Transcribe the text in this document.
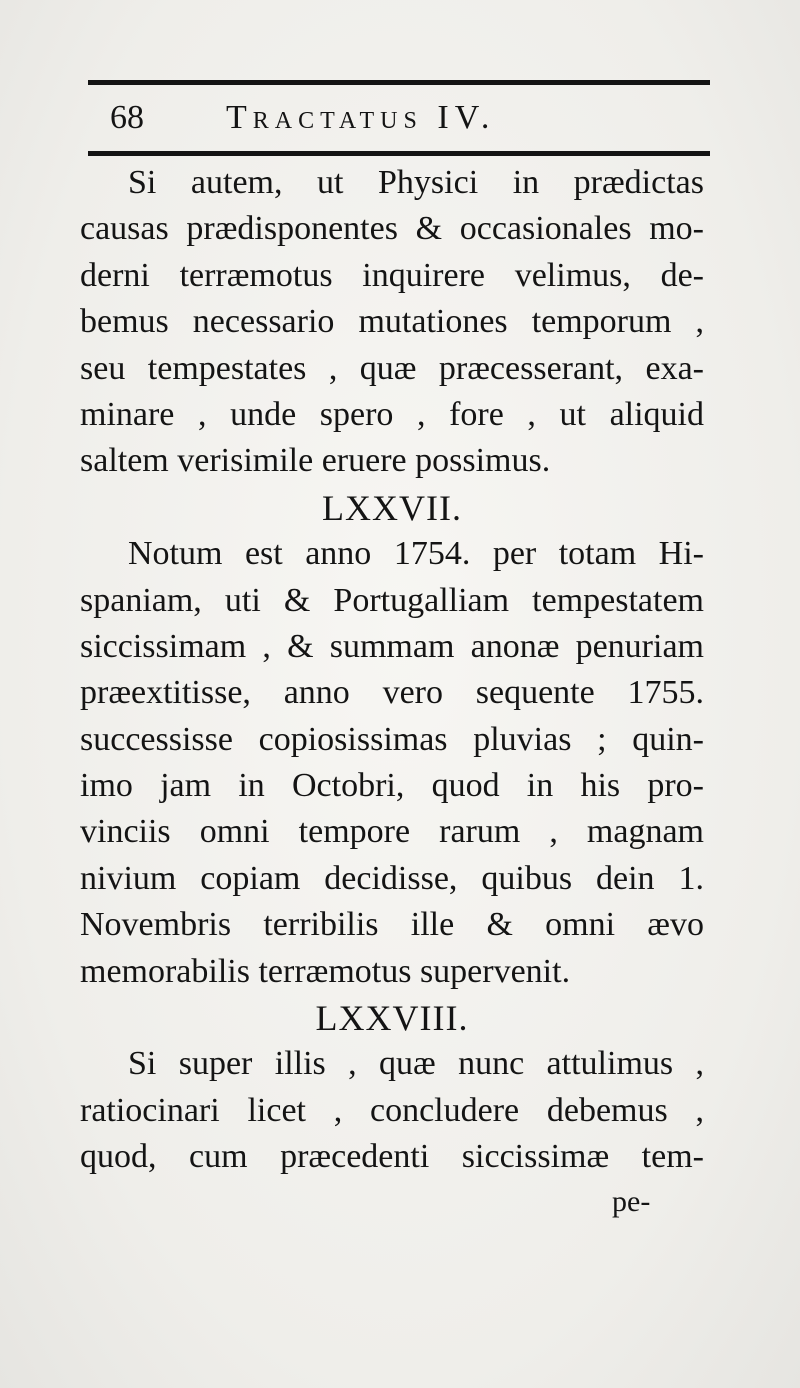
68 Tractatus IV.
Si autem, ut Physici in prædictas
causas prædisponentes & occasionales mo-
derni terræmotus inquirere velimus, de-
bemus necessario mutationes temporum ,
seu tempestates , quæ præcesserant, exa-
minare , unde spero , fore , ut aliquid
saltem verisimile eruere possimus.
LXXVII.
Notum est anno 1754. per totam Hi-
spaniam, uti & Portugalliam tempestatem
siccissimam , & summam anonæ penuriam
præextitisse, anno vero sequente 1755.
successisse copiosissimas pluvias ; quin-
imo jam in Octobri, quod in his pro-
vinciis omni tempore rarum , magnam
nivium copiam decidisse, quibus dein 1.
Novembris terribilis ille & omni ævo
memorabilis terræmotus supervenit.
LXXVIII.
Si super illis , quæ nunc attulimus ,
ratiocinari licet , concludere debemus ,
quod, cum præcedenti siccissimæ tem-
pe-
